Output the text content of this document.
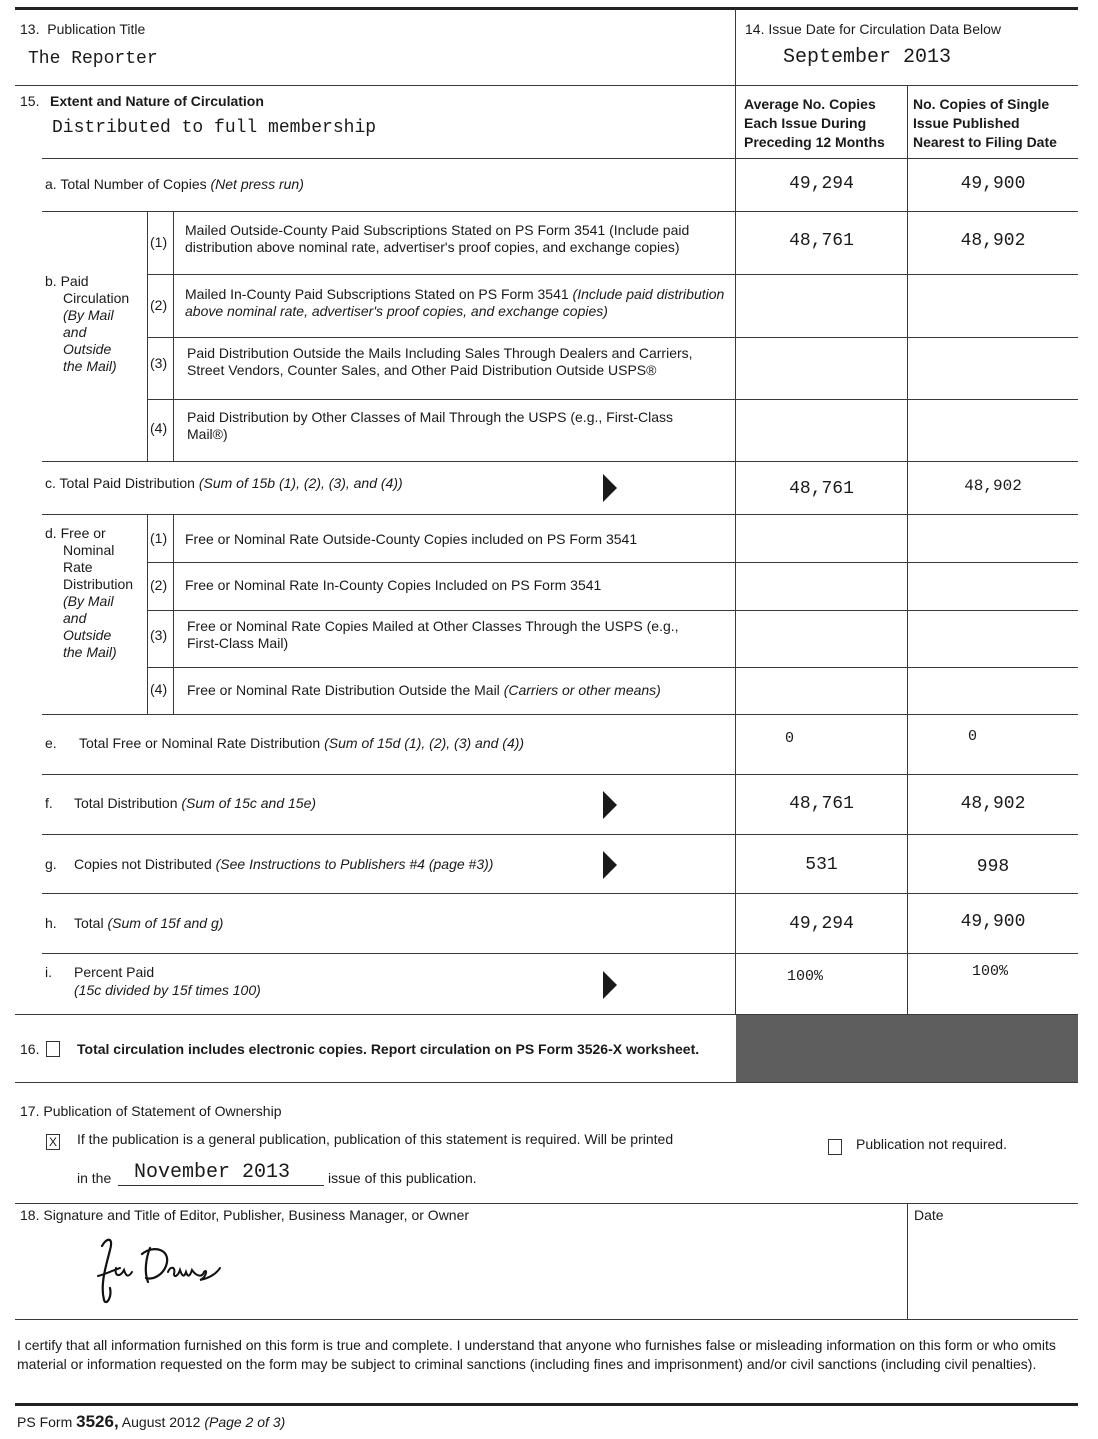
13.  Publication Title
The Reporter
14. Issue Date for Circulation Data Below
September 2013
15. Extent and Nature of Circulation
Distributed to full membership
Average No. Copies Each Issue During Preceding 12 Months
No. Copies of Single Issue Published Nearest to Filing Date
a. Total Number of Copies (Net press run)	49,294	49,900
b. Paid
Circulation
(By Mail and Outside the Mail)
(1)
Mailed Outside-County Paid Subscriptions Stated on PS Form 3541 (Include paid distribution above nominal rate, advertiser's proof copies, and exchange copies)	48,761	48,902
(2)
Mailed In-County Paid Subscriptions Stated on PS Form 3541 (Include paid distribution above nominal rate, advertiser's proof copies, and exchange copies)
(3)
Paid Distribution Outside the Mails Including Sales Through Dealers and Carriers, Street Vendors, Counter Sales, and Other Paid Distribution Outside USPS®
(4)
Paid Distribution by Other Classes of Mail Through the USPS (e.g., First-Class Mail®)
c. Total Paid Distribution (Sum of 15b (1), (2), (3), and (4))	48,761	48,902
d. Free or
Nominal Rate Distribution
(By Mail and Outside the Mail)
(1) Free or Nominal Rate Outside-County Copies included on PS Form 3541
(2) Free or Nominal Rate In-County Copies Included on PS Form 3541
(3)
Free or Nominal Rate Copies Mailed at Other Classes Through the USPS (e.g., First-Class Mail)
(4) Free or Nominal Rate Distribution Outside the Mail (Carriers or other means)
e. Total Free or Nominal Rate Distribution (Sum of 15d (1), (2), (3) and (4))	0	0
f. Total Distribution (Sum of 15c and 15e)	48,761	48,902
g. Copies not Distributed (See Instructions to Publishers #4 (page #3))	531	998
h. Total (Sum of 15f and g)	49,294	49,900
i. Percent Paid
(15c divided by 15f times 100)
100%	100%
16.	Total circulation includes electronic copies. Report circulation on PS Form 3526-X worksheet.
17. Publication of Statement of Ownership
X If the publication is a general publication, publication of this statement is required. Will be printed
in the November 2013	issue of this publication.
Publication not required.
18. Signature and Title of Editor, Publisher, Business Manager, or Owner	Date
I certify that all information furnished on this form is true and complete. I understand that anyone who furnishes false or misleading information on this form or who omits material or information requested on the form may be subject to criminal sanctions (including fines and imprisonment) and/or civil sanctions (including civil penalties).
PS Form 3526, August 2012 (Page 2 of 3)
